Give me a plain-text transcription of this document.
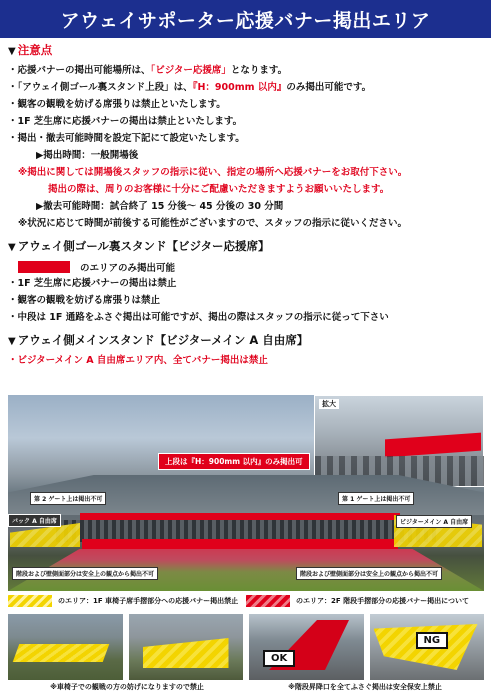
アウェイサポーター応援バナー掲出エリア
▼ 注意点
・応援バナーの掲出可能場所は、「ビジター応援席」となります。
・「アウェイ側ゴール裏スタンド上段」は、『H：900mm 以内』のみ掲出可能です。
・観客の観戦を妨げる席張りは禁止といたします。
・1F 芝生席に応援バナーの掲出は禁止といたします。
・掲出・撤去可能時間を設定下記にて設定いたします。
▶掲出時間：一般開場後
※掲出に関しては開場後スタッフの指示に従い、指定の場所へ応援バナーをお取付下さい。
掲出の際は、周りのお客様に十分にご配慮いただきますようお願いいたします。
▶撤去可能時間：試合終了 15 分後～ 45 分後の 30 分間
※状況に応じて時間が前後する可能性がございますので、スタッフの指示に従いください。
▼ アウェイ側ゴール裏スタンド【ビジター応援席】
のエリアのみ掲出可能
・1F 芝生席に応援バナーの掲出は禁止
・観客の観戦を妨げる席張りは禁止
・中段は 1F 通路をふさぐ掲出は可能ですが、掲出の際はスタッフの指示に従って下さい
▼ アウェイ側メインスタンド【ビジターメイン A 自由席】
・ビジターメイン A 自由席エリア内、全てバナー掲出は禁止
拡大
上段は『H：900mm 以内』のみ掲出可
第 2 ゲート上は掲出不可	第 1 ゲート上は掲出不可
バック A 自由席	ビジターメイン A 自由席
階段および壁側面部分は安全上の観点から掲出不可	階段および壁側面部分は安全上の観点から掲出不可
のエリア：1F 車椅子席手摺部分への応援バナー掲出禁止	のエリア：2F 階段手摺部分の応援バナー掲出について
OK
NG
※車椅子での観戦の方の妨げになりますので禁止	※階段昇降口を全てふさぐ掲出は安全保安上禁止
